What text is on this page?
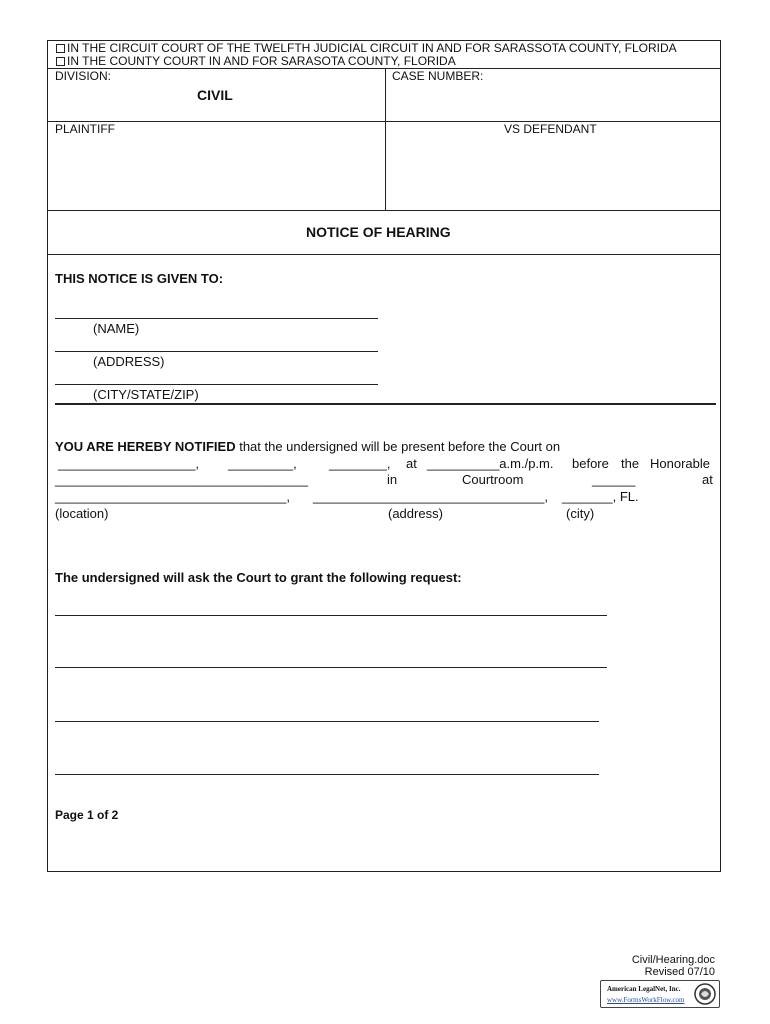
IN THE CIRCUIT COURT OF THE TWELFTH JUDICIAL CIRCUIT IN AND FOR SARASSOTA COUNTY, FLORIDA
IN THE COUNTY COURT IN AND FOR SARASOTA COUNTY, FLORIDA
DIVISION:
CIVIL
CASE NUMBER:
PLAINTIFF	VS DEFENDANT
NOTICE OF HEARING
THIS NOTICE IS GIVEN TO:
(NAME)
(ADDRESS)
(CITY/STATE/ZIP)
YOU ARE HEREBY NOTIFIED that the undersigned will be present before the Court on
___________________, _________, ________, at __________a.m./p.m. before the Honorable
___________________________________	in	Courtroom	______	at
________________________________, ________________________________, _______, FL.
(location)	(address)	(city)
The undersigned will ask the Court to grant the following request:
Page 1 of 2
Civil/Hearing.doc
Revised 07/10
American LegalNet, Inc.
www.FormsWorkFlow.com
